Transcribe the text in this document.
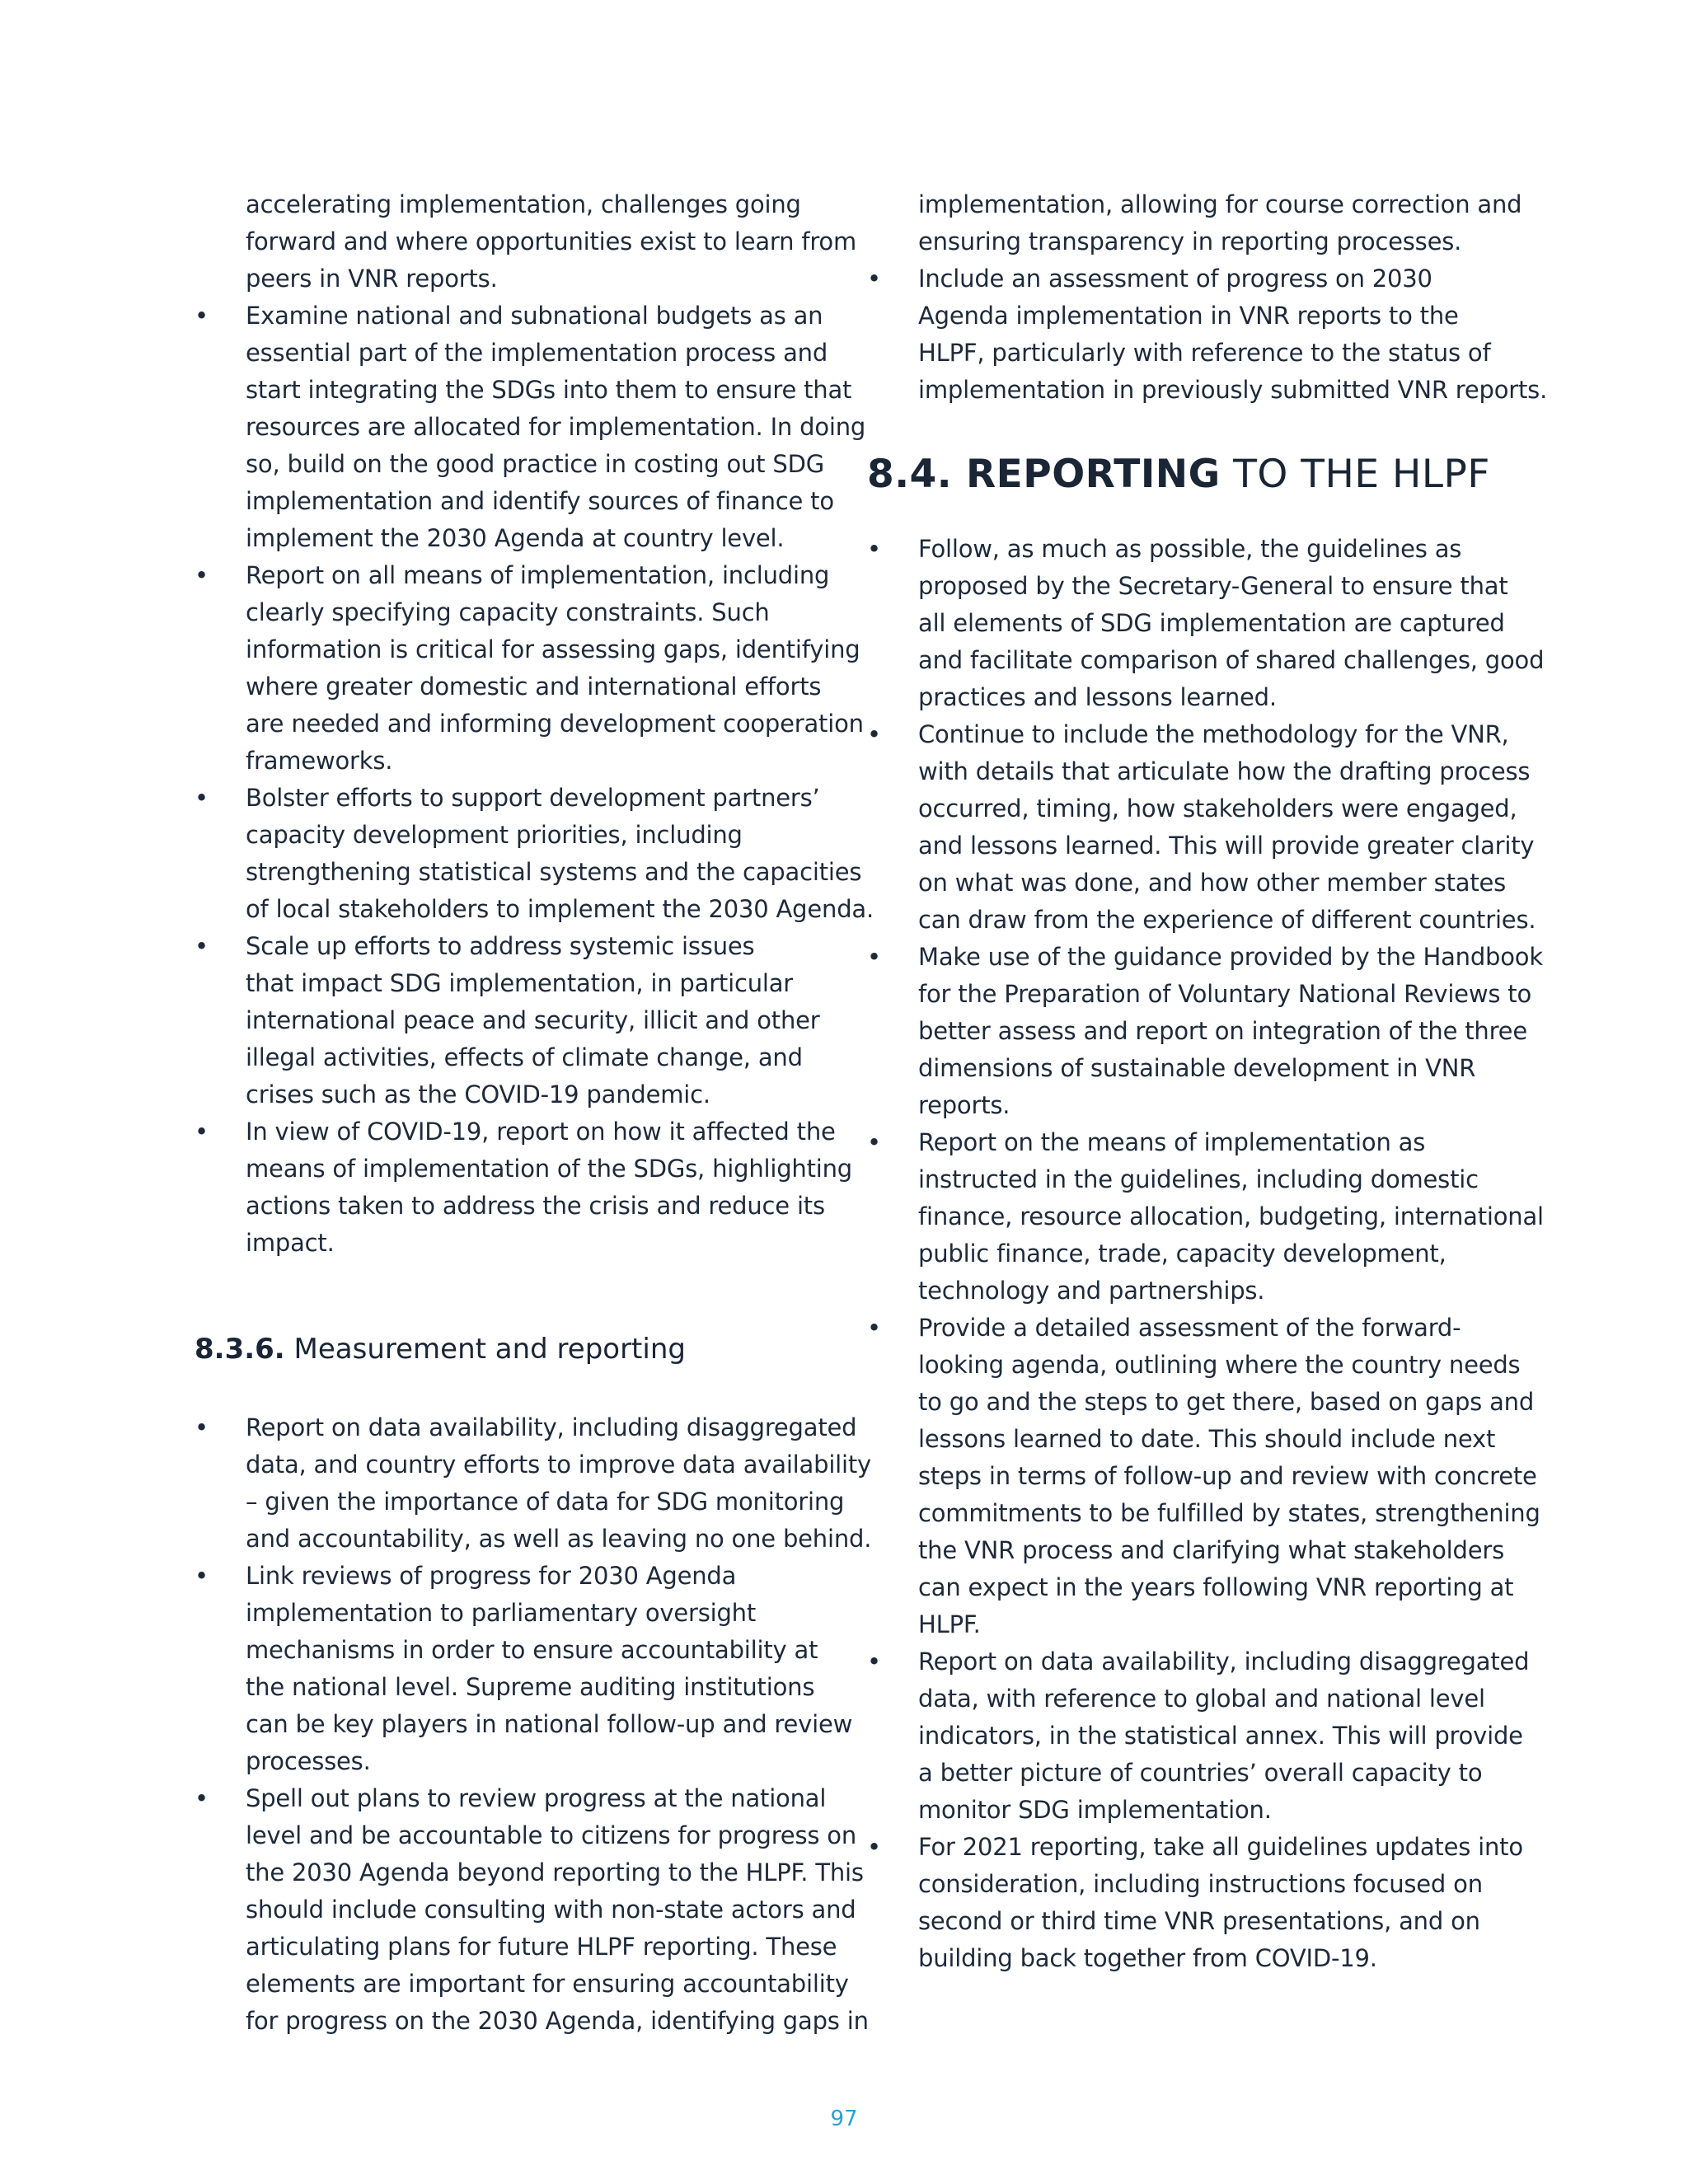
accelerating implementation, challenges going
forward and where opportunities exist to learn from
peers in VNR reports.
•	Examine national and subnational budgets as an
essential part of the implementation process and
start integrating the SDGs into them to ensure that
resources are allocated for implementation. In doing
so, build on the good practice in costing out SDG
implementation and identify sources of finance to
implement the 2030 Agenda at country level.
•	Report on all means of implementation, including
clearly specifying capacity constraints. Such
information is critical for assessing gaps, identifying
where greater domestic and international efforts
are needed and informing development cooperation
frameworks.
•	Bolster efforts to support development partners’
capacity development priorities, including
strengthening statistical systems and the capacities
of local stakeholders to implement the 2030 Agenda.
•	Scale up efforts to address systemic issues
that impact SDG implementation, in particular
international peace and security, illicit and other
illegal activities, effects of climate change, and
crises such as the COVID-19 pandemic.
•	In view of COVID-19, report on how it affected the
means of implementation of the SDGs, highlighting
actions taken to address the crisis and reduce its
impact.
8.3.6. Measurement and reporting
•	Report on data availability, including disaggregated
data, and country efforts to improve data availability
– given the importance of data for SDG monitoring
and accountability, as well as leaving no one behind.
•	Link reviews of progress for 2030 Agenda
implementation to parliamentary oversight
mechanisms in order to ensure accountability at
the national level. Supreme auditing institutions
can be key players in national follow-up and review
processes.
•	Spell out plans to review progress at the national
level and be accountable to citizens for progress on
the 2030 Agenda beyond reporting to the HLPF. This
should include consulting with non-state actors and
articulating plans for future HLPF reporting. These
elements are important for ensuring accountability
for progress on the 2030 Agenda, identifying gaps in
implementation, allowing for course correction and
ensuring transparency in reporting processes.
•	Include an assessment of progress on 2030
Agenda implementation in VNR reports to the
HLPF, particularly with reference to the status of
implementation in previously submitted VNR reports.
8.4. REPORTING TO THE HLPF
•	Follow, as much as possible, the guidelines as
proposed by the Secretary-General to ensure that
all elements of SDG implementation are captured
and facilitate comparison of shared challenges, good
practices and lessons learned.
•	Continue to include the methodology for the VNR,
with details that articulate how the drafting process
occurred, timing, how stakeholders were engaged,
and lessons learned. This will provide greater clarity
on what was done, and how other member states
can draw from the experience of different countries.
•	Make use of the guidance provided by the Handbook
for the Preparation of Voluntary National Reviews to
better assess and report on integration of the three
dimensions of sustainable development in VNR
reports.
•	Report on the means of implementation as
instructed in the guidelines, including domestic
finance, resource allocation, budgeting, international
public finance, trade, capacity development,
technology and partnerships.
•	Provide a detailed assessment of the forward-
looking agenda, outlining where the country needs
to go and the steps to get there, based on gaps and
lessons learned to date. This should include next
steps in terms of follow-up and review with concrete
commitments to be fulfilled by states, strengthening
the VNR process and clarifying what stakeholders
can expect in the years following VNR reporting at
HLPF.
•	Report on data availability, including disaggregated
data, with reference to global and national level
indicators, in the statistical annex. This will provide
a better picture of countries’ overall capacity to
monitor SDG implementation.
•	For 2021 reporting, take all guidelines updates into
consideration, including instructions focused on
second or third time VNR presentations, and on
building back together from COVID-19.
97
